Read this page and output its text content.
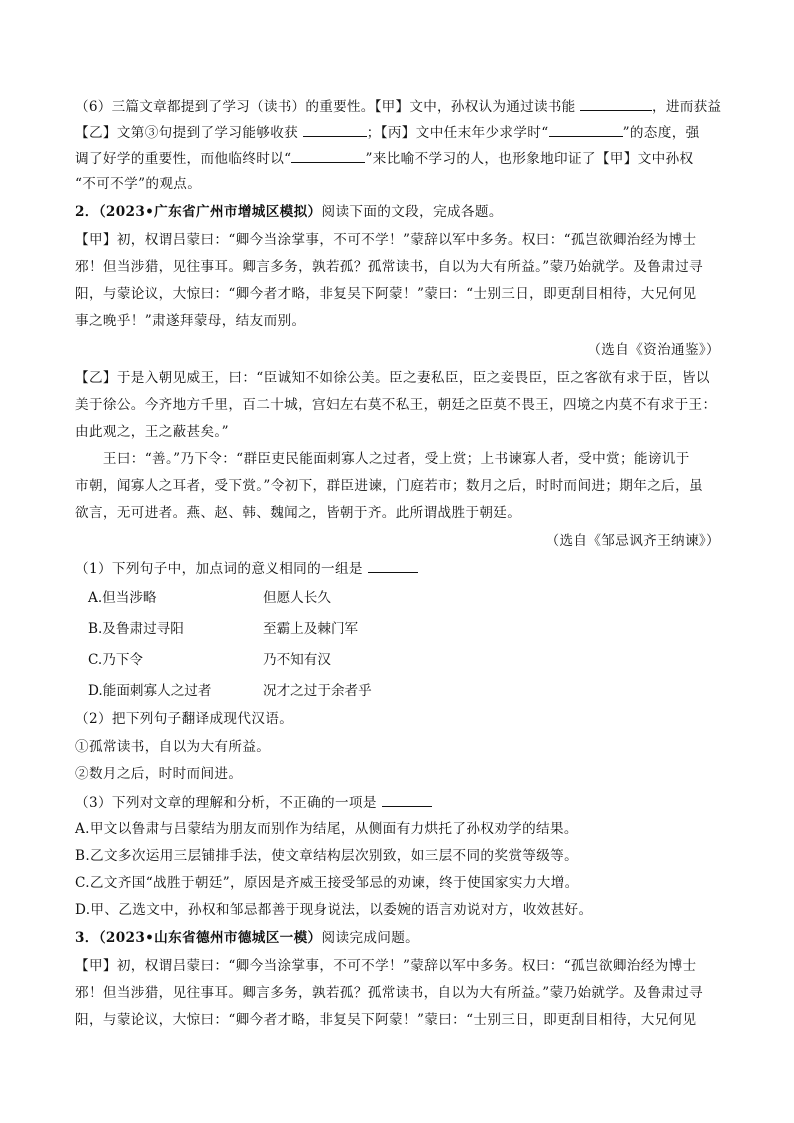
（6）三篇文章都提到了学习（读书）的重要性。【甲】文中，孙权认为通过读书能	，进而获益
【乙】文第③句提到了学习能够收获	；【丙】文中任末年少求学时“	”的态度，强
调了好学的重要性，而他临终时以“	”来比喻不学习的人，也形象地印证了【甲】文中孙权
“不可不学”的观点。
2．（2023•广东省广州市增城区模拟）阅读下面的文段，完成各题。
【甲】初，权谓吕蒙曰：“卿今当涂掌事，不可不学！”蒙辞以军中多务。权曰：“孤岂欲卿治经为博士
邪！但当涉猎，见往事耳。卿言多务，孰若孤？孤常读书，自以为大有所益。”蒙乃始就学。及鲁肃过寻
阳，与蒙论议，大惊曰：“卿今者才略，非复吴下阿蒙！”蒙曰：“士别三日，即更刮目相待，大兄何见
事之晚乎！”肃遂拜蒙母，结友而别。
（选自《资治通鉴》）
【乙】于是入朝见威王，曰：“臣诚知不如徐公美。臣之妻私臣，臣之妾畏臣，臣之客欲有求于臣，皆以
美于徐公。今齐地方千里，百二十城，宫妇左右莫不私王，朝廷之臣莫不畏王，四境之内莫不有求于王：
由此观之，王之蔽甚矣。”
　　王曰：“善。”乃下令：“群臣吏民能面刺寡人之过者，受上赏；上书谏寡人者，受中赏；能谤讥于
市朝，闻寡人之耳者，受下赏。”令初下，群臣进谏，门庭若市；数月之后，时时而间进；期年之后，虽
欲言，无可进者。燕、赵、韩、魏闻之，皆朝于齐。此所谓战胜于朝廷。
（选自《邹忌讽齐王纳谏》）
（1）下列句子中，加点词的意义相同的一组是
A.但当涉略	但愿人长久
B.及鲁肃过寻阳	至霸上及棘门军
C.乃下令	乃不知有汉
D.能面刺寡人之过者	况才之过于余者乎
（2）把下列句子翻译成现代汉语。
①孤常读书，自以为大有所益。
②数月之后，时时而间进。
（3）下列对文章的理解和分析，不正确的一项是
A.甲文以鲁肃与吕蒙结为朋友而别作为结尾，从侧面有力烘托了孙权劝学的结果。
B.乙文多次运用三层铺排手法，使文章结构层次别致，如三层不同的奖赏等级等。
C.乙文齐国“战胜于朝廷”，原因是齐威王接受邹忌的劝谏，终于使国家实力大增。
D.甲、乙选文中，孙权和邹忌都善于现身说法，以委婉的语言劝说对方，收效甚好。
3．（2023•山东省德州市德城区一模）阅读完成问题。
【甲】初，权谓吕蒙曰：“卿今当涂掌事，不可不学！”蒙辞以军中多务。权曰：“孤岂欲卿治经为博士
邪！但当涉猎，见往事耳。卿言多务，孰若孤？孤常读书，自以为大有所益。”蒙乃始就学。及鲁肃过寻
阳，与蒙论议，大惊曰：“卿今者才略，非复吴下阿蒙！”蒙曰：“士别三日，即更刮目相待，大兄何见
